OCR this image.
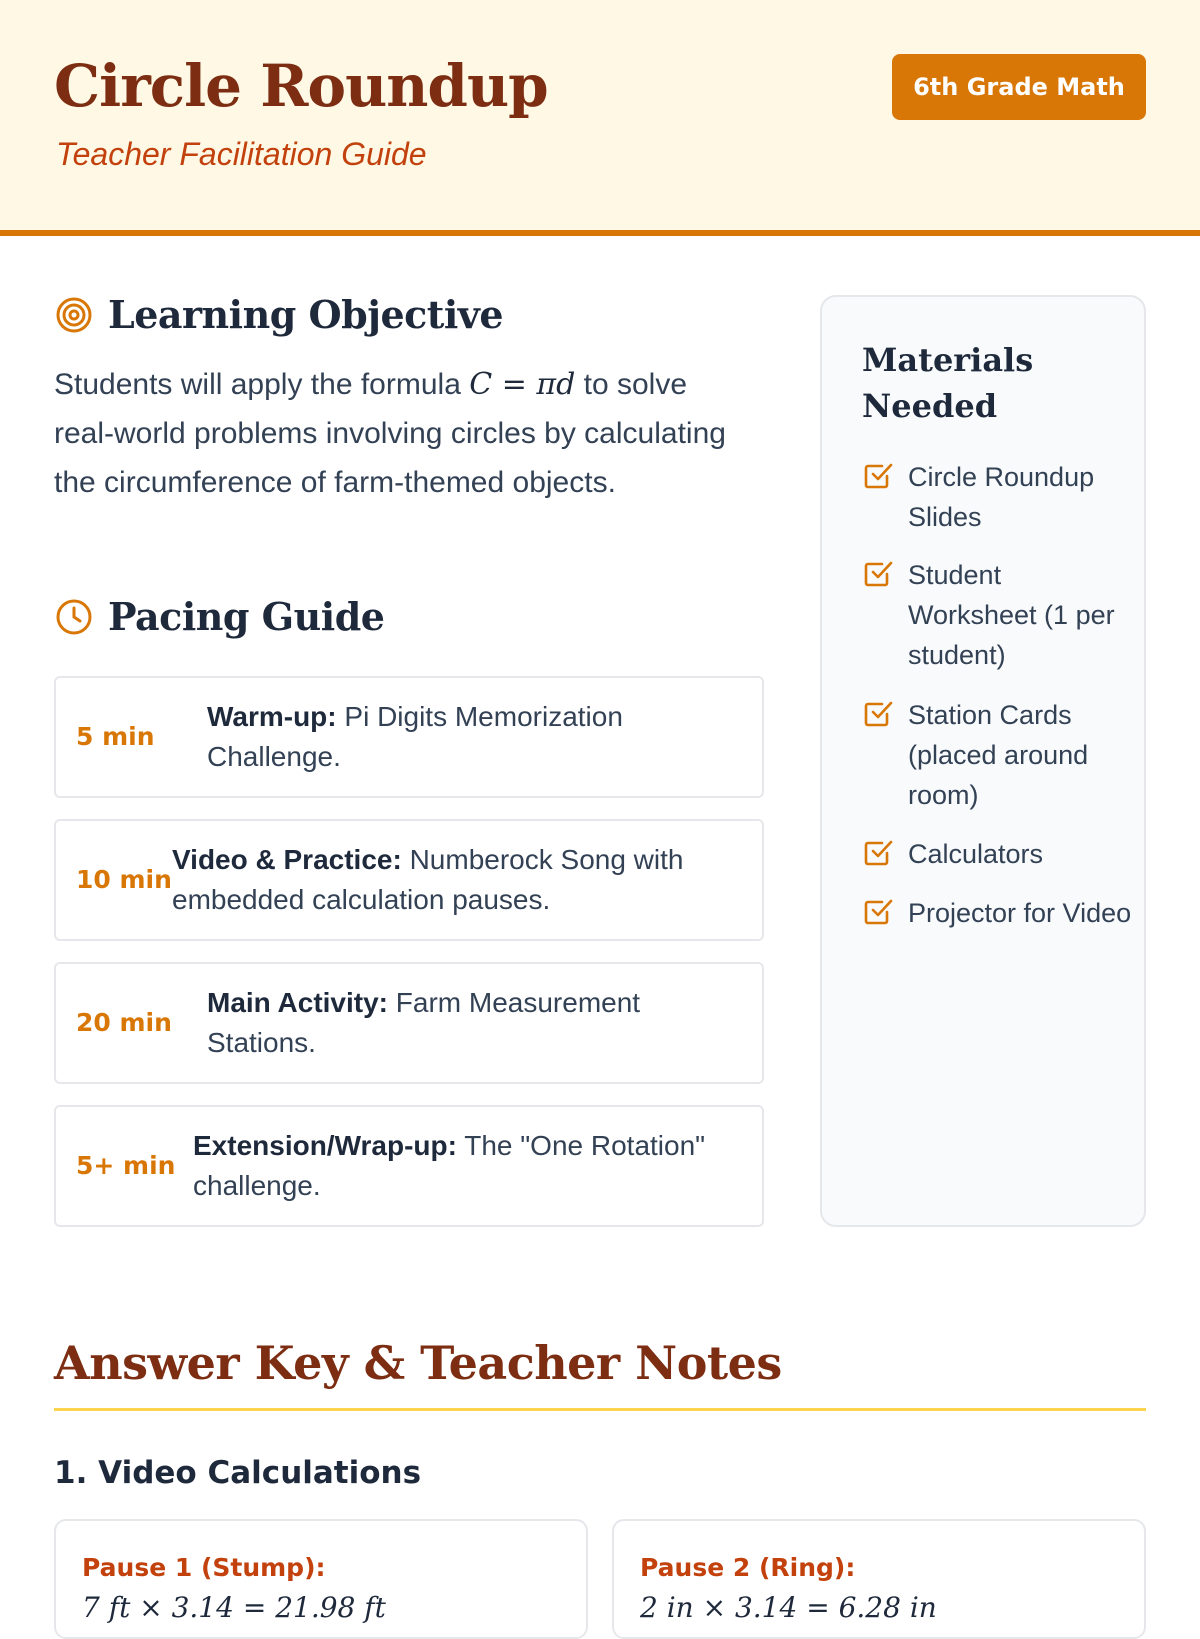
Circle Roundup
Teacher Facilitation Guide
6th Grade Math
Learning Objective
Students will apply the formula C = πd to solve real-world problems involving circles by calculating the circumference of farm-themed objects.
Pacing Guide
5 min
Warm-up: Pi Digits Memorization Challenge.
10 min
Video & Practice: Numberock Song with embedded calculation pauses.
20 min
Main Activity: Farm Measurement Stations.
5+ min
Extension/Wrap-up: The "One Rotation" challenge.
Materials Needed
Circle Roundup Slides
Student Worksheet (1 per student)
Station Cards (placed around room)
Calculators
Projector for Video
Answer Key & Teacher Notes
1. Video Calculations
Pause 1 (Stump):
7 ft × 3.14 = 21.98 ft
Pause 2 (Ring):
2 in × 3.14 = 6.28 in
